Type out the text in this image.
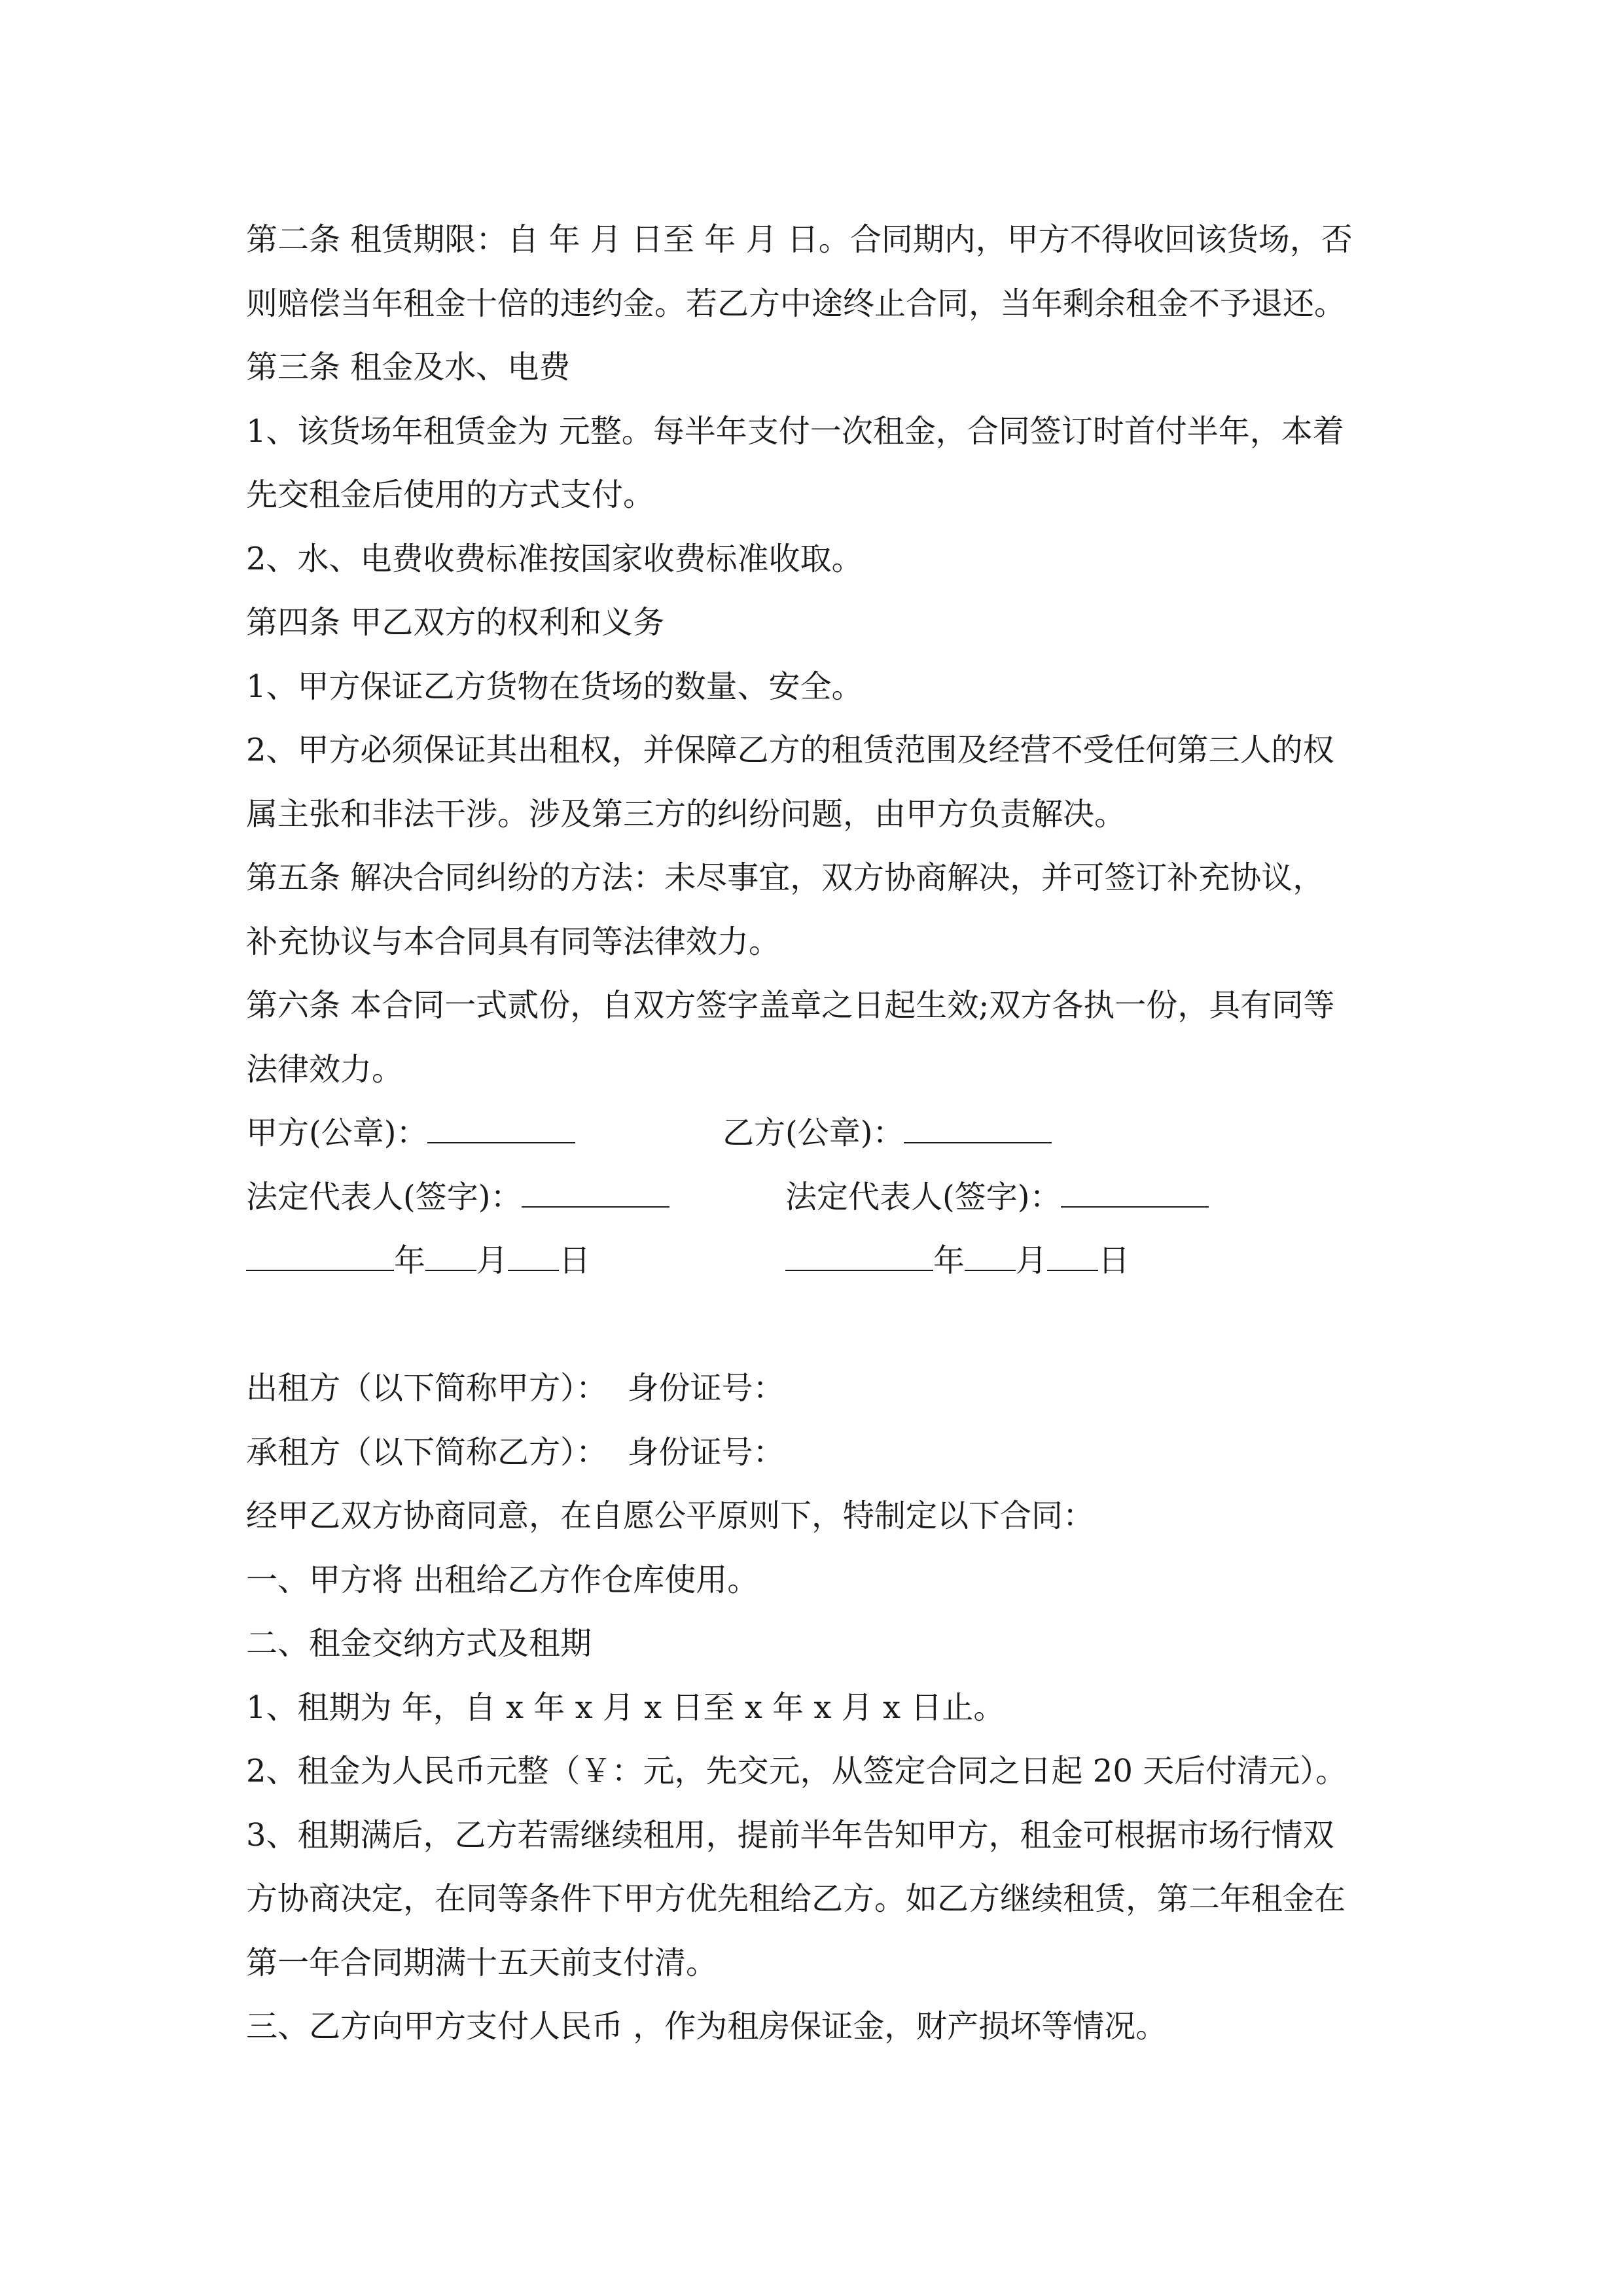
第二条 租赁期限：自 年 月 日至 年 月 日。合同期内，甲方不得收回该货场，否
则赔偿当年租金十倍的违约金。若乙方中途终止合同，当年剩余租金不予退还。
第三条 租金及水、电费
1、该货场年租赁金为 元整。每半年支付一次租金，合同签订时首付半年，本着
先交租金后使用的方式支付。
2、水、电费收费标准按国家收费标准收取。
第四条 甲乙双方的权利和义务
1、甲方保证乙方货物在货场的数量、安全。
2、甲方必须保证其出租权，并保障乙方的租赁范围及经营不受任何第三人的权
属主张和非法干涉。涉及第三方的纠纷问题，由甲方负责解决。
第五条 解决合同纠纷的方法：未尽事宜，双方协商解决，并可签订补充协议，
补充协议与本合同具有同等法律效力。
第六条 本合同一式贰份，自双方签字盖章之日起生效;双方各执一份，具有同等
法律效力。
甲方(公章)：	乙方(公章)：
法定代表人(签字)：	法定代表人(签字)：
年 月 日	年 月 日
出租方（以下简称甲方）：  身份证号：
承租方（以下简称乙方）：  身份证号：
经甲乙双方协商同意，在自愿公平原则下，特制定以下合同：
一、甲方将 出租给乙方作仓库使用。
二、租金交纳方式及租期
1、租期为 年，自 x 年 x 月 x 日至 x 年 x 月 x 日止。
2、租金为人民币元整（￥：元，先交元，从签定合同之日起 20 天后付清元）。
3、租期满后，乙方若需继续租用，提前半年告知甲方，租金可根据市场行情双
方协商决定，在同等条件下甲方优先租给乙方。如乙方继续租赁，第二年租金在
第一年合同期满十五天前支付清。
三、乙方向甲方支付人民币 ，作为租房保证金，财产损坏等情况。
